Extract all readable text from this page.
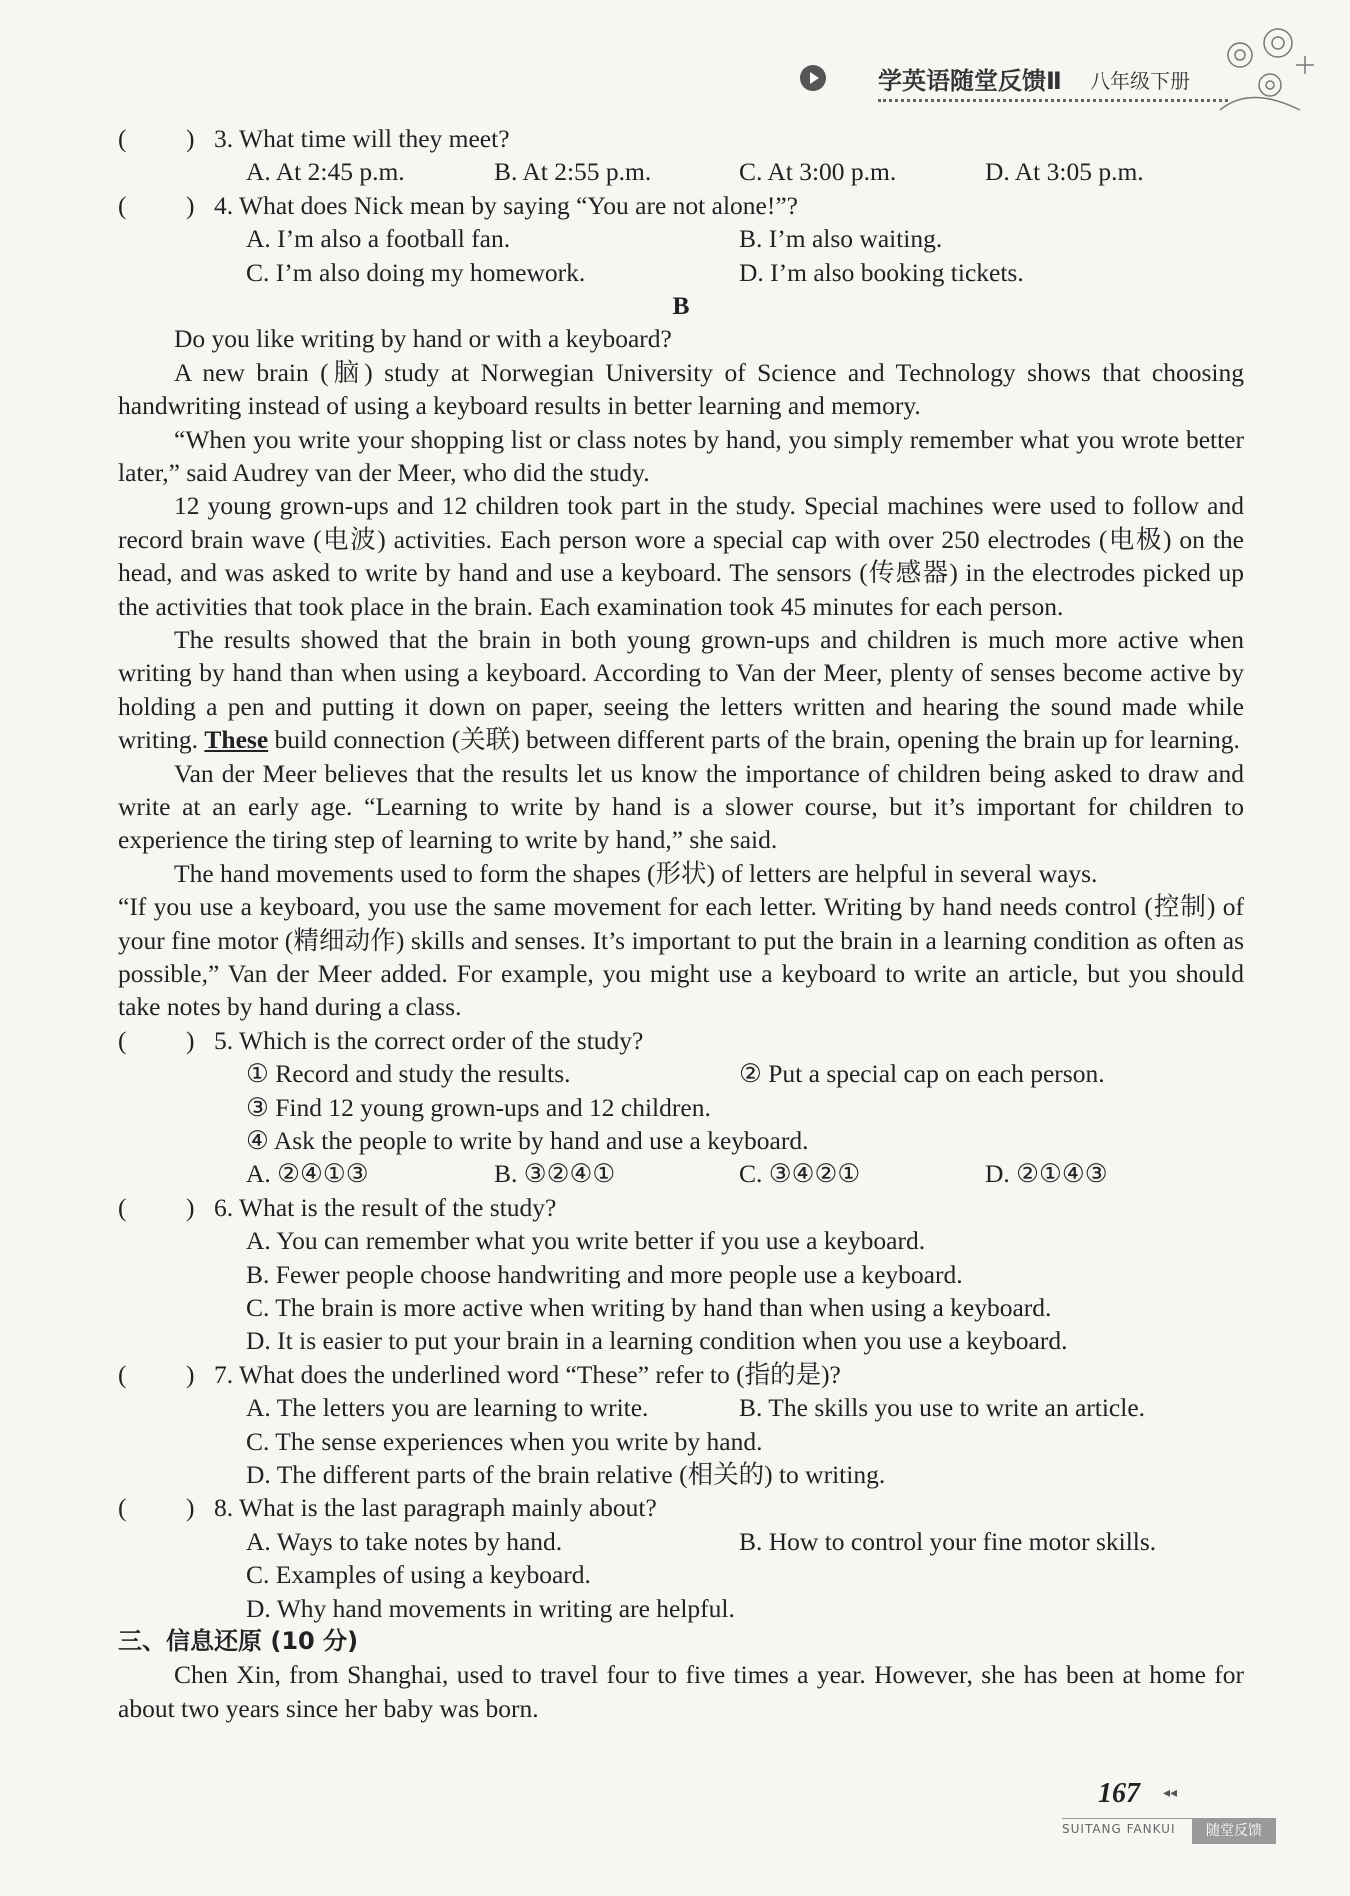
学英语随堂反馈Ⅱ 八年级下册
( ) 3. What time will they meet?
A. At 2:45 p.m.	B. At 2:55 p.m.	C. At 3:00 p.m.	D. At 3:05 p.m.
( ) 4. What does Nick mean by saying “You are not alone!”?
A. I’m also a football fan.	B. I’m also waiting.
C. I’m also doing my homework.	D. I’m also booking tickets.
B
Do you like writing by hand or with a keyboard?
A new brain (脑) study at Norwegian University of Science and Technology shows that choosing handwriting instead of using a keyboard results in better learning and memory.
“When you write your shopping list or class notes by hand, you simply remember what you wrote better later,” said Audrey van der Meer, who did the study.
12 young grown-ups and 12 children took part in the study. Special machines were used to follow and record brain wave (电波) activities. Each person wore a special cap with over 250 electrodes (电极) on the head, and was asked to write by hand and use a keyboard. The sensors (传感器) in the electrodes picked up the activities that took place in the brain. Each examination took 45 minutes for each person.
The results showed that the brain in both young grown-ups and children is much more active when writing by hand than when using a keyboard. According to Van der Meer, plenty of senses become active by holding a pen and putting it down on paper, seeing the letters written and hearing the sound made while writing. These build connection (关联) between different parts of the brain, opening the brain up for learning.
Van der Meer believes that the results let us know the importance of children being asked to draw and write at an early age. “Learning to write by hand is a slower course, but it’s important for children to experience the tiring step of learning to write by hand,” she said.
The hand movements used to form the shapes (形状) of letters are helpful in several ways.
“If you use a keyboard, you use the same movement for each letter. Writing by hand needs control (控制) of your fine motor (精细动作) skills and senses. It’s important to put the brain in a learning condition as often as possible,” Van der Meer added. For example, you might use a keyboard to write an article, but you should take notes by hand during a class.
( ) 5. Which is the correct order of the study?
① Record and study the results.	② Put a special cap on each person.
③ Find 12 young grown-ups and 12 children.
④ Ask the people to write by hand and use a keyboard.
A. ②④①③	B. ③②④①	C. ③④②①	D. ②①④③
( ) 6. What is the result of the study?
A. You can remember what you write better if you use a keyboard.
B. Fewer people choose handwriting and more people use a keyboard.
C. The brain is more active when writing by hand than when using a keyboard.
D. It is easier to put your brain in a learning condition when you use a keyboard.
( ) 7. What does the underlined word “These” refer to (指的是)?
A. The letters you are learning to write.	B. The skills you use to write an article.
C. The sense experiences when you write by hand.
D. The different parts of the brain relative (相关的) to writing.
( ) 8. What is the last paragraph mainly about?
A. Ways to take notes by hand.	B. How to control your fine motor skills.
C. Examples of using a keyboard.
D. Why hand movements in writing are helpful.
三、信息还原 (10 分)
Chen Xin, from Shanghai, used to travel four to five times a year. However, she has been at home for about two years since her baby was born.
167 ◂◂
SUITANG FANKUI	随堂反馈
